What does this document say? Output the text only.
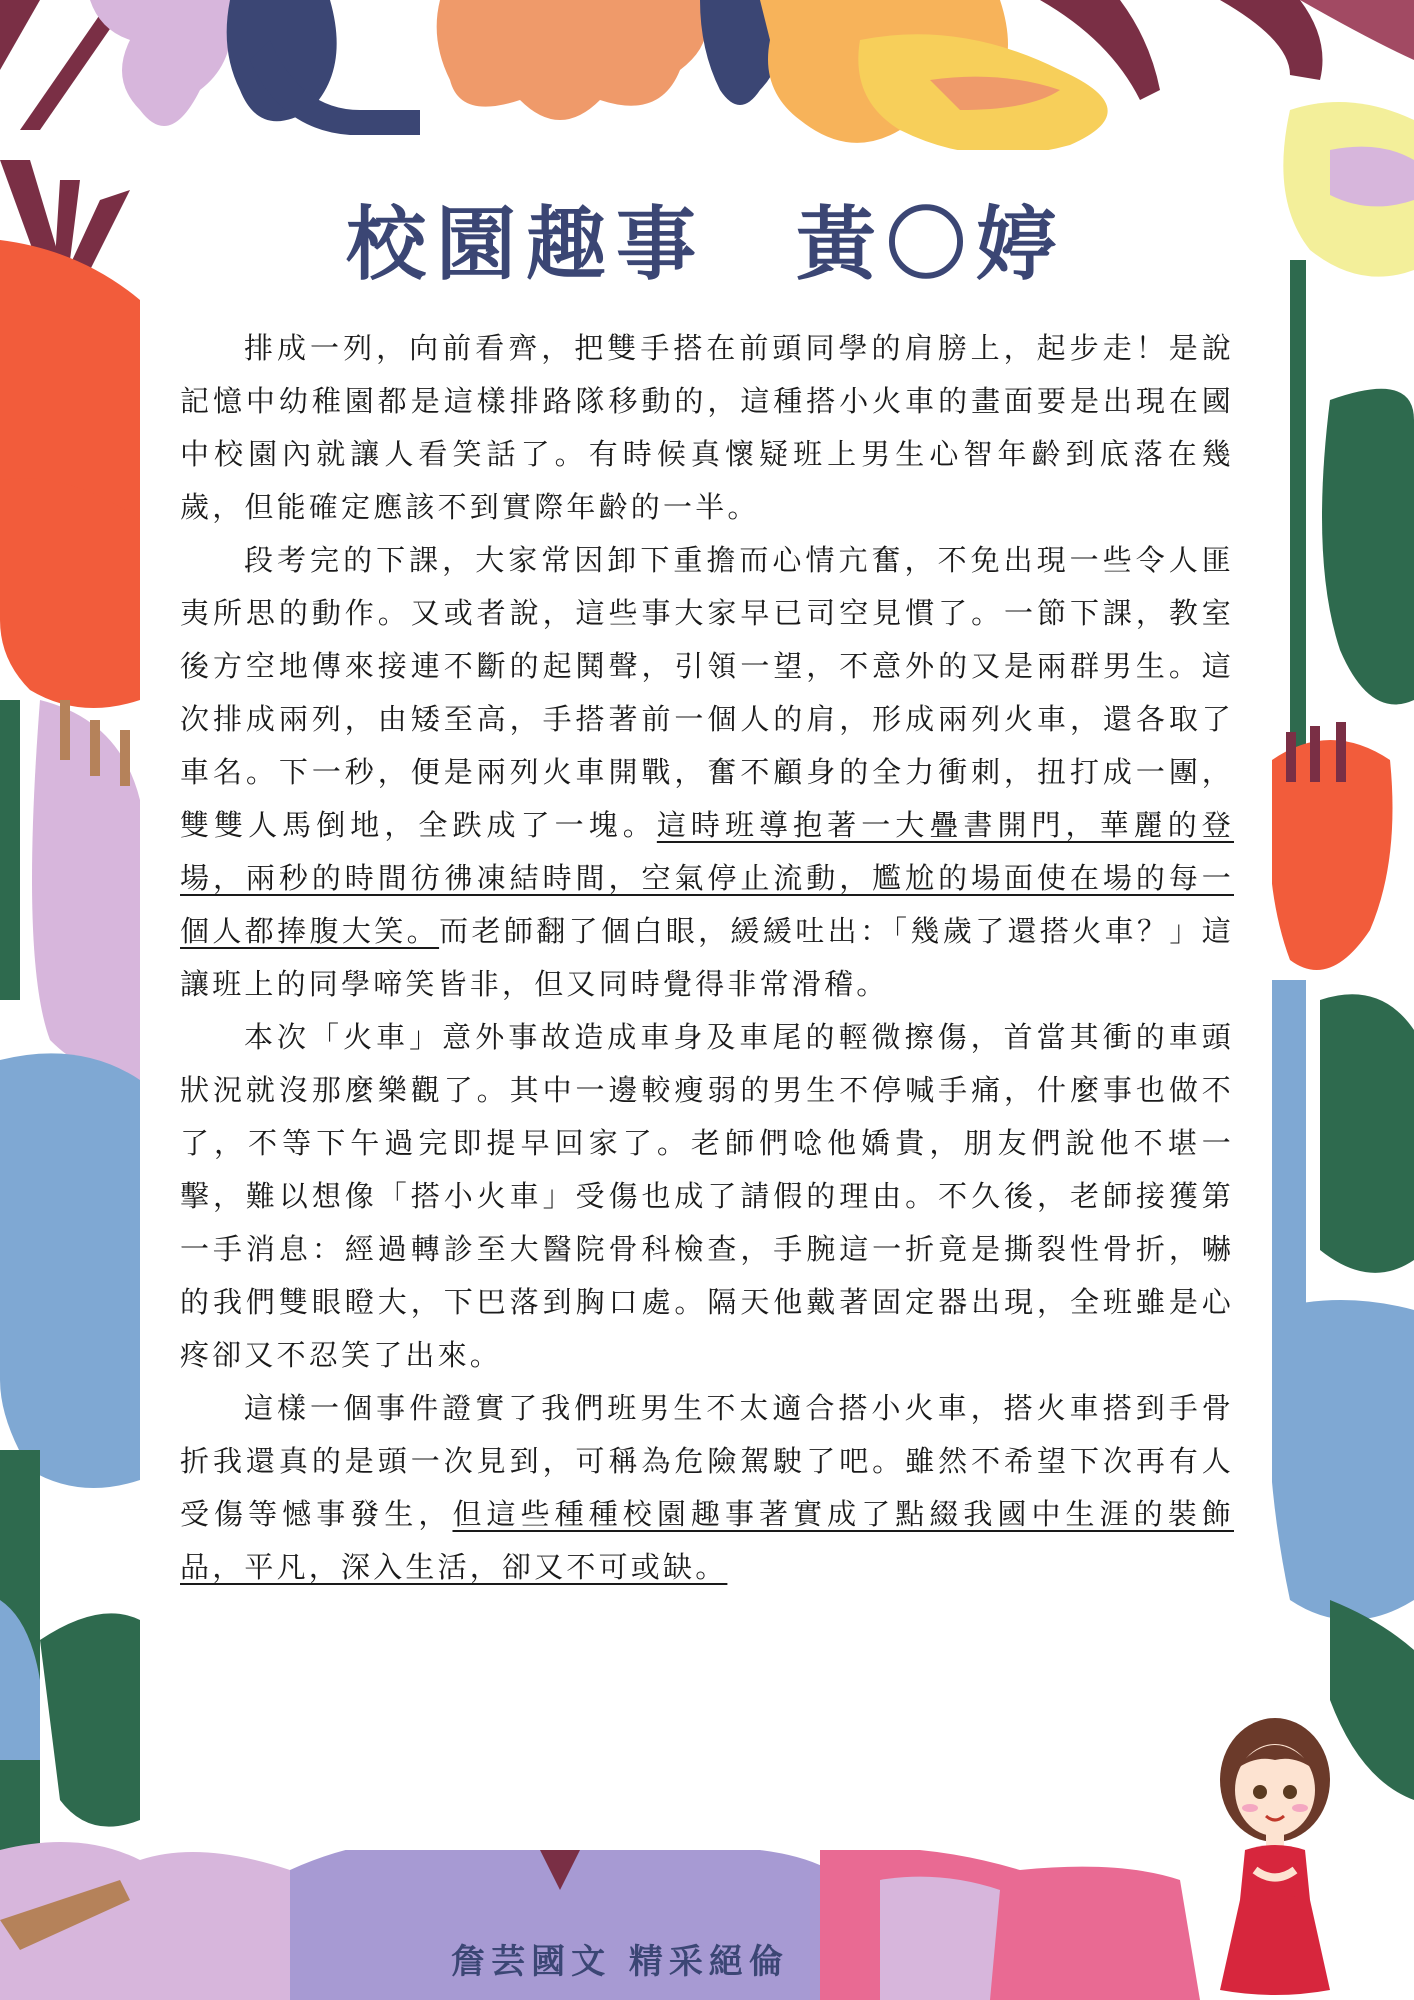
校園趣事　黃〇婷

排成一列，向前看齊，把雙手搭在前頭同學的肩膀上，起步走！是說記憶中幼稚園都是這樣排路隊移動的，這種搭小火車的畫面要是出現在國中校園內就讓人看笑話了。有時候真懷疑班上男生心智年齡到底落在幾歲，但能確定應該不到實際年齡的一半。

段考完的下課，大家常因卸下重擔而心情亢奮，不免出現一些令人匪夷所思的動作。又或者說，這些事大家早已司空見慣了。一節下課，教室後方空地傳來接連不斷的起鬨聲，引領一望，不意外的又是兩群男生。這次排成兩列，由矮至高，手搭著前一個人的肩，形成兩列火車，還各取了車名。下一秒，便是兩列火車開戰，奮不顧身的全力衝刺，扭打成一團，雙雙人馬倒地，全跌成了一塊。這時班導抱著一大疊書開門，華麗的登場，兩秒的時間彷彿凍結時間，空氣停止流動，尷尬的場面使在場的每一個人都捧腹大笑。而老師翻了個白眼，緩緩吐出：「幾歲了還搭火車？」這讓班上的同學啼笑皆非，但又同時覺得非常滑稽。

本次「火車」意外事故造成車身及車尾的輕微擦傷，首當其衝的車頭狀況就沒那麼樂觀了。其中一邊較瘦弱的男生不停喊手痛，什麼事也做不了，不等下午過完即提早回家了。老師們唸他嬌貴，朋友們說他不堪一擊，難以想像「搭小火車」受傷也成了請假的理由。不久後，老師接獲第一手消息：經過轉診至大醫院骨科檢查，手腕這一折竟是撕裂性骨折，嚇的我們雙眼瞪大，下巴落到胸口處。隔天他戴著固定器出現，全班雖是心疼卻又不忍笑了出來。

這樣一個事件證實了我們班男生不太適合搭小火車，搭火車搭到手骨折我還真的是頭一次見到，可稱為危險駕駛了吧。雖然不希望下次再有人受傷等憾事發生，但這些種種校園趣事著實成了點綴我國中生涯的裝飾品，平凡，深入生活，卻又不可或缺。

詹芸國文 精采絕倫
